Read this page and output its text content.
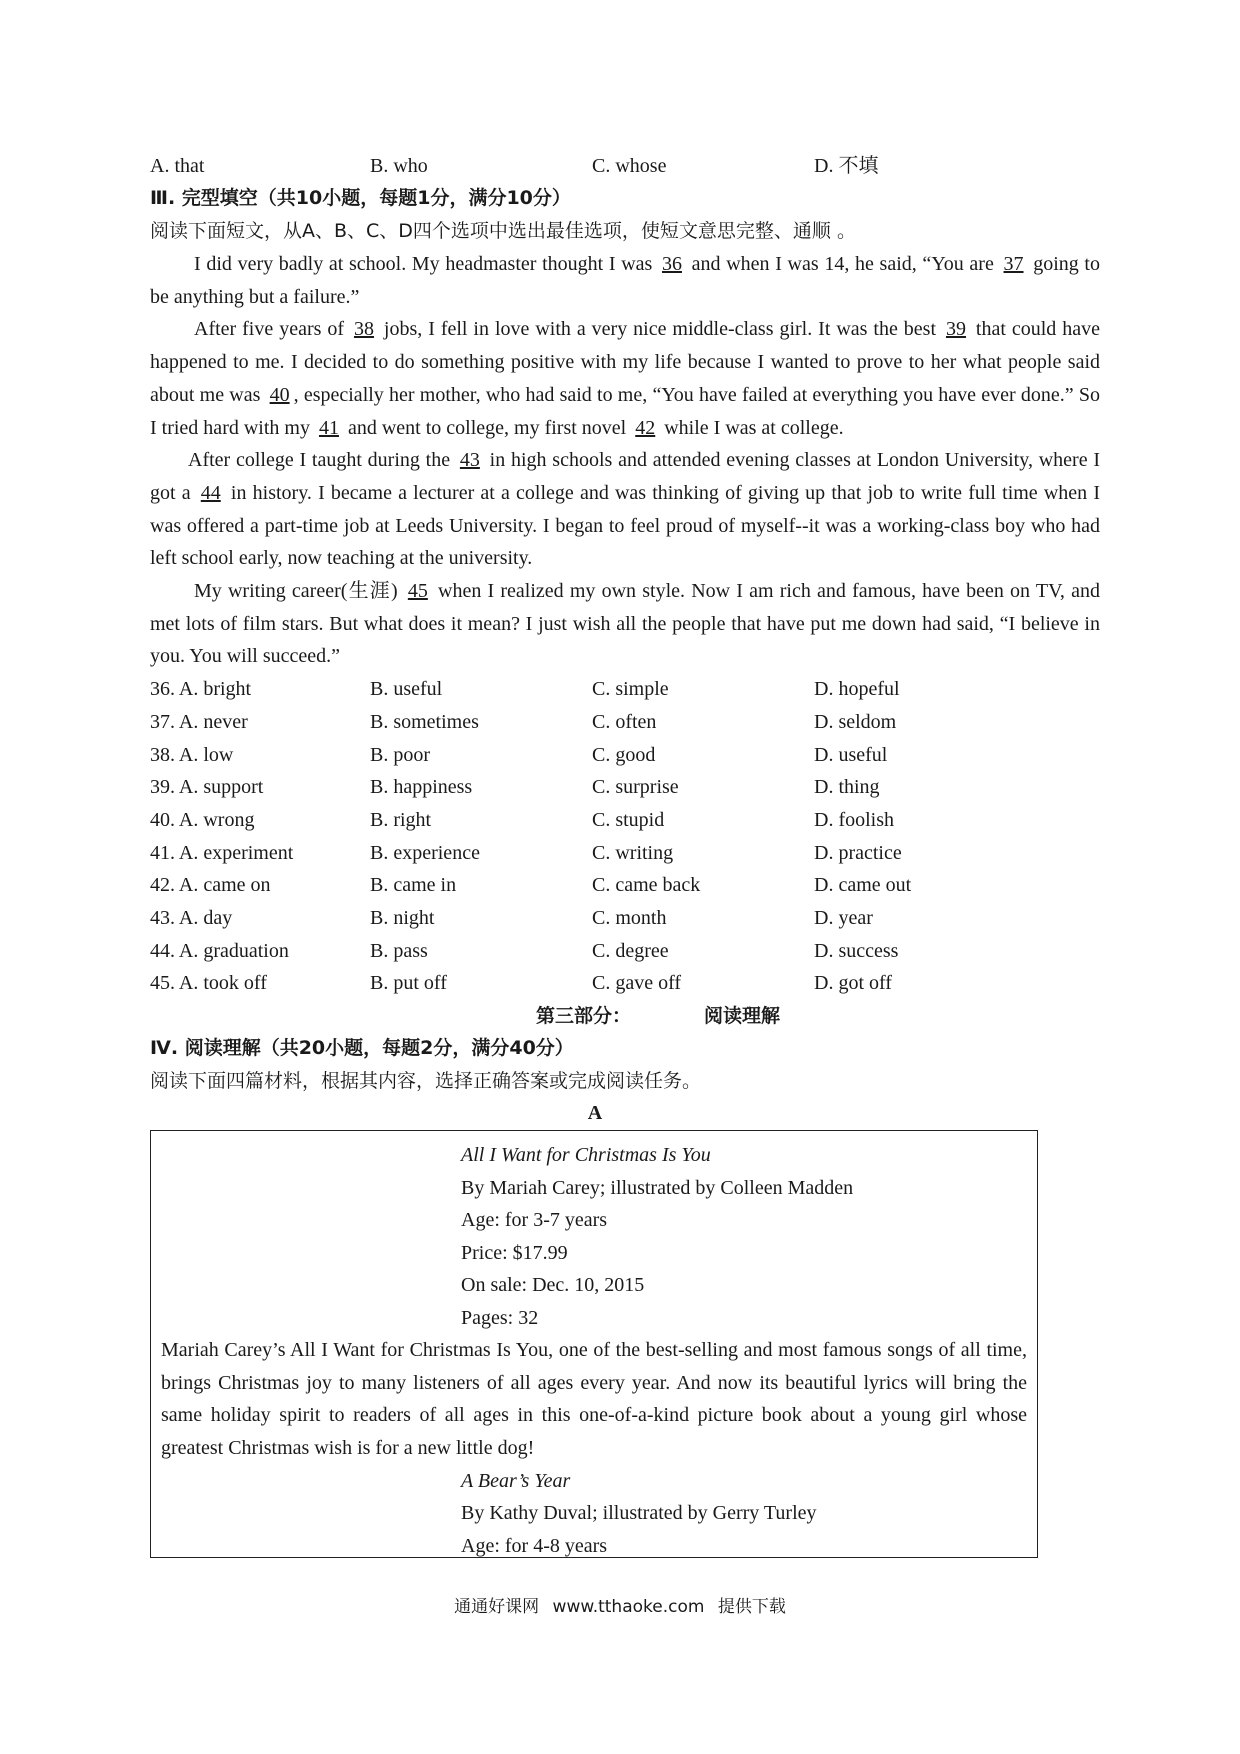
A. that	B. who	C. whose	D. 不填
Ⅲ. 完型填空（共10小题，每题1分，满分10分）
阅读下面短文，从A、B、C、D四个选项中选出最佳选项，使短文意思完整、通顺 。

I did very badly at school. My headmaster thought I was 36 and when I was 14, he said, “You are 37 going to be anything but a failure.”

After five years of 38 jobs, I fell in love with a very nice middle-class girl. It was the best 39 that could have happened to me. I decided to do something positive with my life because I wanted to prove to her what people said about me was 40 , especially her mother, who had said to me, “You have failed at everything you have ever done.” So I tried hard with my 41 and went to college, my first novel 42 while I was at college.

After college I taught during the 43 in high schools and attended evening classes at London University, where I got a 44 in history. I became a lecturer at a college and was thinking of giving up that job to write full time when I was offered a part-time job at Leeds University. I began to feel proud of myself--it was a working-class boy who had left school early, now teaching at the university.

My writing career(生涯) 45 when I realized my own style. Now I am rich and famous, have been on TV, and met lots of film stars. But what does it mean? I just wish all the people that have put me down had said, “I believe in you. You will succeed.”

36. A. bright	B. useful	C. simple	D. hopeful
37. A. never	B. sometimes	C. often	D. seldom
38. A. low	B. poor	C. good	D. useful
39. A. support	B. happiness	C. surprise	D. thing
40. A. wrong	B. right	C. stupid	D. foolish
41. A. experiment	B. experience	C. writing	D. practice
42. A. came on	B. came in	C. came back	D. came out
43. A. day	B. night	C. month	D. year
44. A. graduation	B. pass	C. degree	D. success
45. A. took off	B. put off	C. gave off	D. got off
第三部分：	阅读理解
Ⅳ. 阅读理解（共20小题，每题2分，满分40分）
阅读下面四篇材料，根据其内容，选择正确答案或完成阅读任务。
A
All I Want for Christmas Is You
By Mariah Carey; illustrated by Colleen Madden
Age: for 3-7 years
Price: $17.99
On sale: Dec. 10, 2015
Pages: 32

Mariah Carey’s All I Want for Christmas Is You, one of the best-selling and most famous songs of all time, brings Christmas joy to many listeners of all ages every year. And now its beautiful lyrics will bring the same holiday spirit to readers of all ages in this one-of-a-kind picture book about a young girl whose greatest Christmas wish is for a new little dog!

A Bear’s Year
By Kathy Duval; illustrated by Gerry Turley
Age: for 4-8 years
通通好课网 www.tthaoke.com 提供下载
